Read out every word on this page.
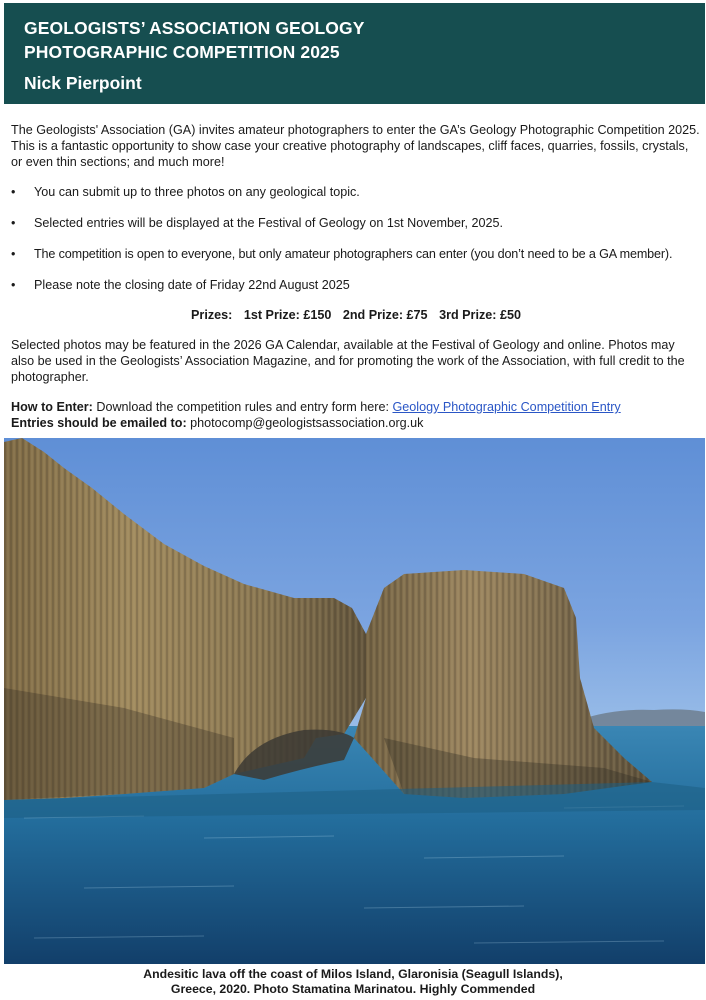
GEOLOGISTS’ ASSOCIATION GEOLOGY

PHOTOGRAPHIC COMPETITION 2025

Nick Pierpoint

The Geologists' Association (GA) invites amateur photographers to enter the GA’s Geology Photographic Competition 2025. This is a fantastic opportunity to show case your creative photography of landscapes, cliff faces, quarries, fossils, crystals, or even thin sections; and much more!

• You can submit up to three photos on any geological topic.
• Selected entries will be displayed at the Festival of Geology on 1st November, 2025.
• The competition is open to everyone, but only amateur photographers can enter (you don’t need to be a GA member).
• Please note the closing date of Friday 22nd August 2025

Prizes: 1st Prize: £150 2nd Prize: £75 3rd Prize: £50

Selected photos may be featured in the 2026 GA Calendar, available at the Festival of Geology and online. Photos may also be used in the Geologists’ Association Magazine, and for promoting the work of the Association, with full credit to the photographer.

How to Enter: Download the competition rules and entry form here: Geology Photographic Competition Entry

Entries should be emailed to: photocomp@geologistsassociation.org.uk

Andesitic lava off the coast of Milos Island, Glaronisia (Seagull Islands),
Greece, 2020. Photo Stamatina Marinatou. Highly Commended
